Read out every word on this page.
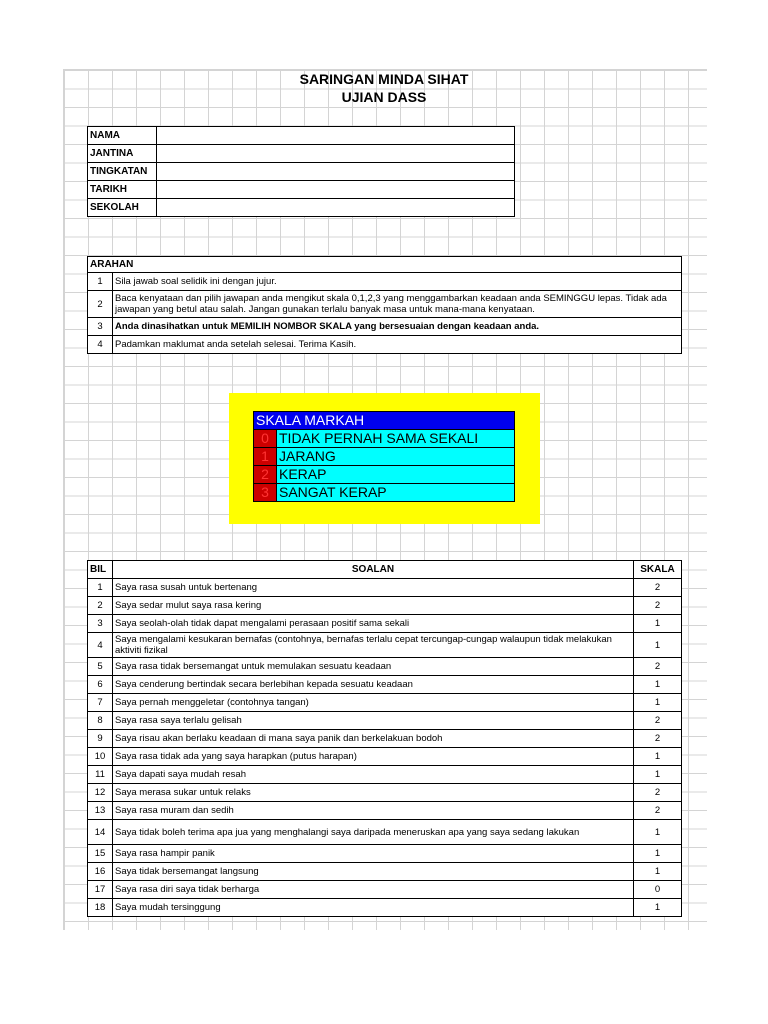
SARINGAN MINDA SIHAT
UJIAN DASS
NAMA	
JANTINA	
TINGKATAN	
TARIKH	
SEKOLAH	
ARAHAN	
1	Sila jawab soal selidik ini dengan jujur.
2	Baca kenyataan dan pilih jawapan anda mengikut skala 0,1,2,3 yang menggambarkan keadaan anda SEMINGGU lepas. Tidak ada jawapan yang betul atau salah. Jangan gunakan terlalu banyak masa untuk mana-mana kenyataan.
3	Anda dinasihatkan untuk MEMILIH NOMBOR SKALA yang bersesuaian dengan keadaan anda.
4	Padamkan maklumat anda setelah selesai. Terima Kasih.
SKALA MARKAH	
0	TIDAK PERNAH SAMA SEKALI
1	JARANG
2	KERAP
3	SANGAT KERAP
BIL	SOALAN	SKALA
1	Saya rasa susah untuk bertenang	2
2	Saya sedar mulut saya rasa kering	2
3	Saya seolah-olah tidak dapat mengalami perasaan positif sama sekali	1
4	Saya mengalami kesukaran bernafas (contohnya, bernafas terlalu cepat tercungap-cungap walaupun tidak melakukan aktiviti fizikal	1
5	Saya rasa tidak bersemangat untuk memulakan sesuatu keadaan	2
6	Saya cenderung bertindak secara berlebihan kepada sesuatu keadaan	1
7	Saya pernah menggeletar (contohnya tangan)	1
8	Saya rasa saya terlalu gelisah	2
9	Saya risau akan berlaku keadaan di mana saya panik dan berkelakuan bodoh	2
10	Saya rasa tidak ada yang saya harapkan (putus harapan)	1
11	Saya dapati saya mudah resah	1
12	Saya merasa sukar untuk relaks	2
13	Saya rasa muram dan sedih	2
14	Saya tidak boleh terima apa jua yang menghalangi saya daripada meneruskan apa yang saya sedang lakukan	1
15	Saya rasa hampir panik	1
16	Saya tidak bersemangat langsung	1
17	Saya rasa diri saya tidak berharga	0
18	Saya mudah tersinggung	1
